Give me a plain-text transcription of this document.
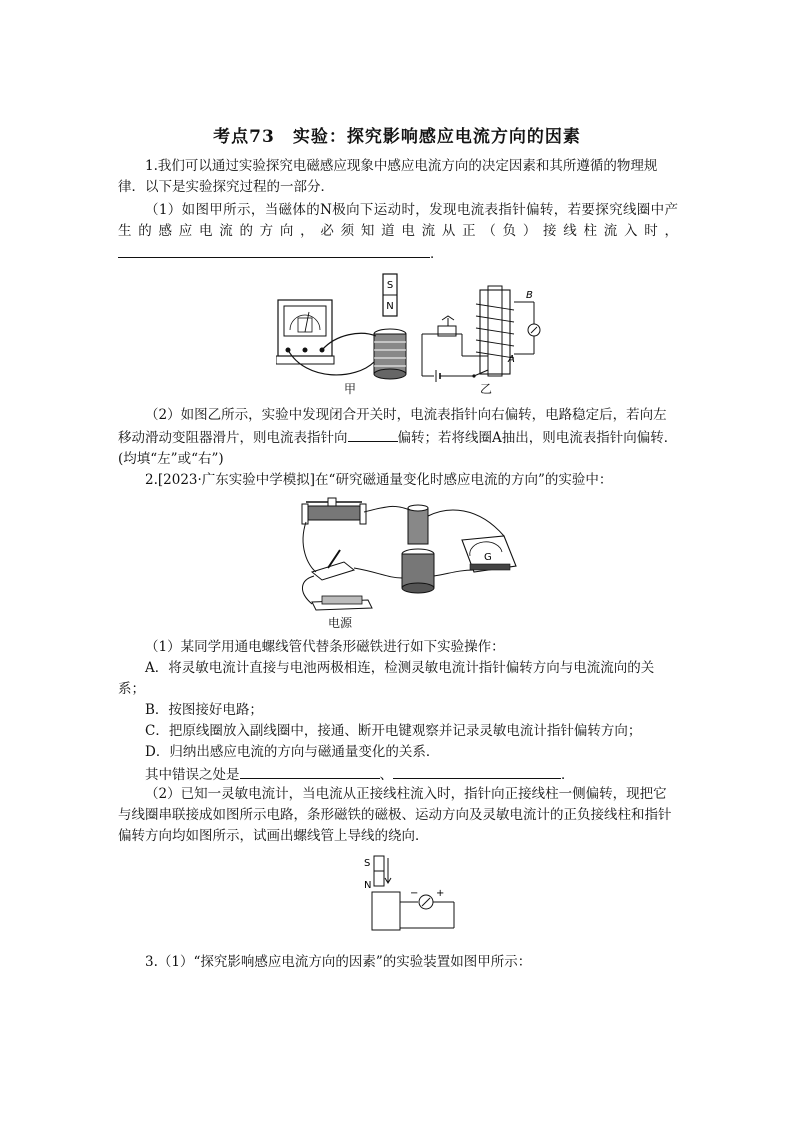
考点73　实验：探究影响感应电流方向的因素

1.我们可以通过实验探究电磁感应现象中感应电流方向的决定因素和其所遵循的物理规律．以下是实验探究过程的一部分．

（1）如图甲所示，当磁体的N极向下运动时，发现电流表指针偏转，若要探究线圈中产生的感应电流的方向，必须知道电流从正（负）接线柱流入时，

．
S
N
B
A
甲	乙
（2）如图乙所示，实验中发现闭合开关时，电流表指针向右偏转，电路稳定后，若向左移动滑动变阻器滑片，则电流表指针向	偏转；若将线圈A抽出，则电流表指针向偏转．(均填“左”或“右”)

2.[2023·广东实验中学模拟]在“研究磁通量变化时感应电流的方向”的实验中：

G
电源

（1）某同学用通电螺线管代替条形磁铁进行如下实验操作：

A．将灵敏电流计直接与电池两极相连，检测灵敏电流计指针偏转方向与电流流向的关系；

B．按图接好电路；

C．把原线圈放入副线圈中，接通、断开电键观察并记录灵敏电流计指针偏转方向；

D．归纳出感应电流的方向与磁通量变化的关系．

其中错误之处是	、	．

（2）已知一灵敏电流计，当电流从正接线柱流入时，指针向正接线柱一侧偏转，现把它与线圈串联接成如图所示电路，条形磁铁的磁极、运动方向及灵敏电流计的正负接线柱和指针偏转方向均如图所示，试画出螺线管上导线的绕向．

S
N
− +

3.（1）“探究影响感应电流方向的因素”的实验装置如图甲所示：
